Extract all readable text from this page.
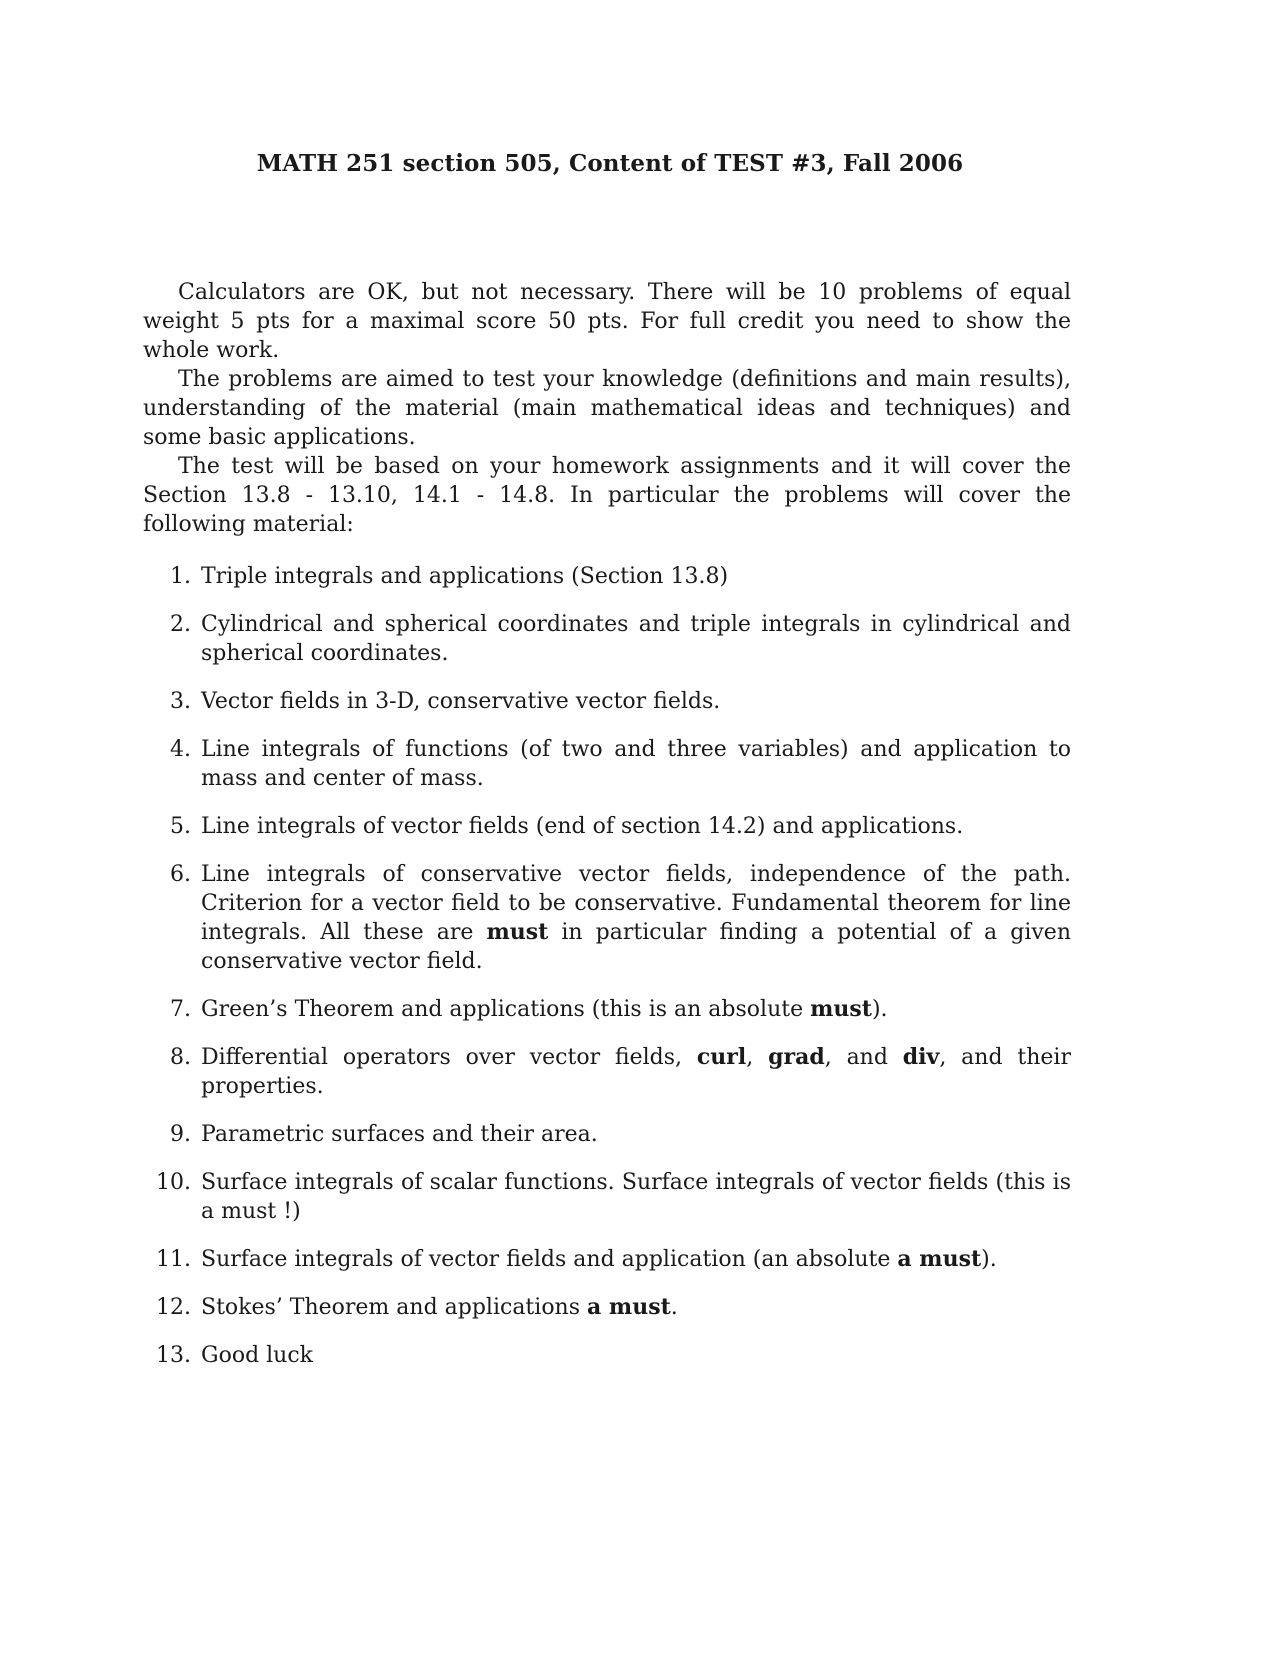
MATH 251 section 505, Content of TEST #3, Fall 2006

Calculators are OK, but not necessary. There will be 10 problems of equal weight 5 pts for a maximal score 50 pts. For full credit you need to show the whole work.

The problems are aimed to test your knowledge (definitions and main results), understanding of the material (main mathematical ideas and techniques) and some basic applications.

The test will be based on your homework assignments and it will cover the Section 13.8 - 13.10, 14.1 - 14.8. In particular the problems will cover the following material:

1. Triple integrals and applications (Section 13.8)
2. Cylindrical and spherical coordinates and triple integrals in cylindrical and spherical coordinates.
3. Vector fields in 3-D, conservative vector fields.
4. Line integrals of functions (of two and three variables) and application to mass and center of mass.
5. Line integrals of vector fields (end of section 14.2) and applications.
6. Line integrals of conservative vector fields, independence of the path. Criterion for a vector field to be conservative. Fundamental theorem for line integrals. All these are must in particular finding a potential of a given conservative vector field.
7. Green’s Theorem and applications (this is an absolute must).
8. Differential operators over vector fields, curl, grad, and div, and their properties.
9. Parametric surfaces and their area.
10. Surface integrals of scalar functions. Surface integrals of vector fields (this is a must !)
11. Surface integrals of vector fields and application (an absolute a must).
12. Stokes’ Theorem and applications a must.
13. Good luck
